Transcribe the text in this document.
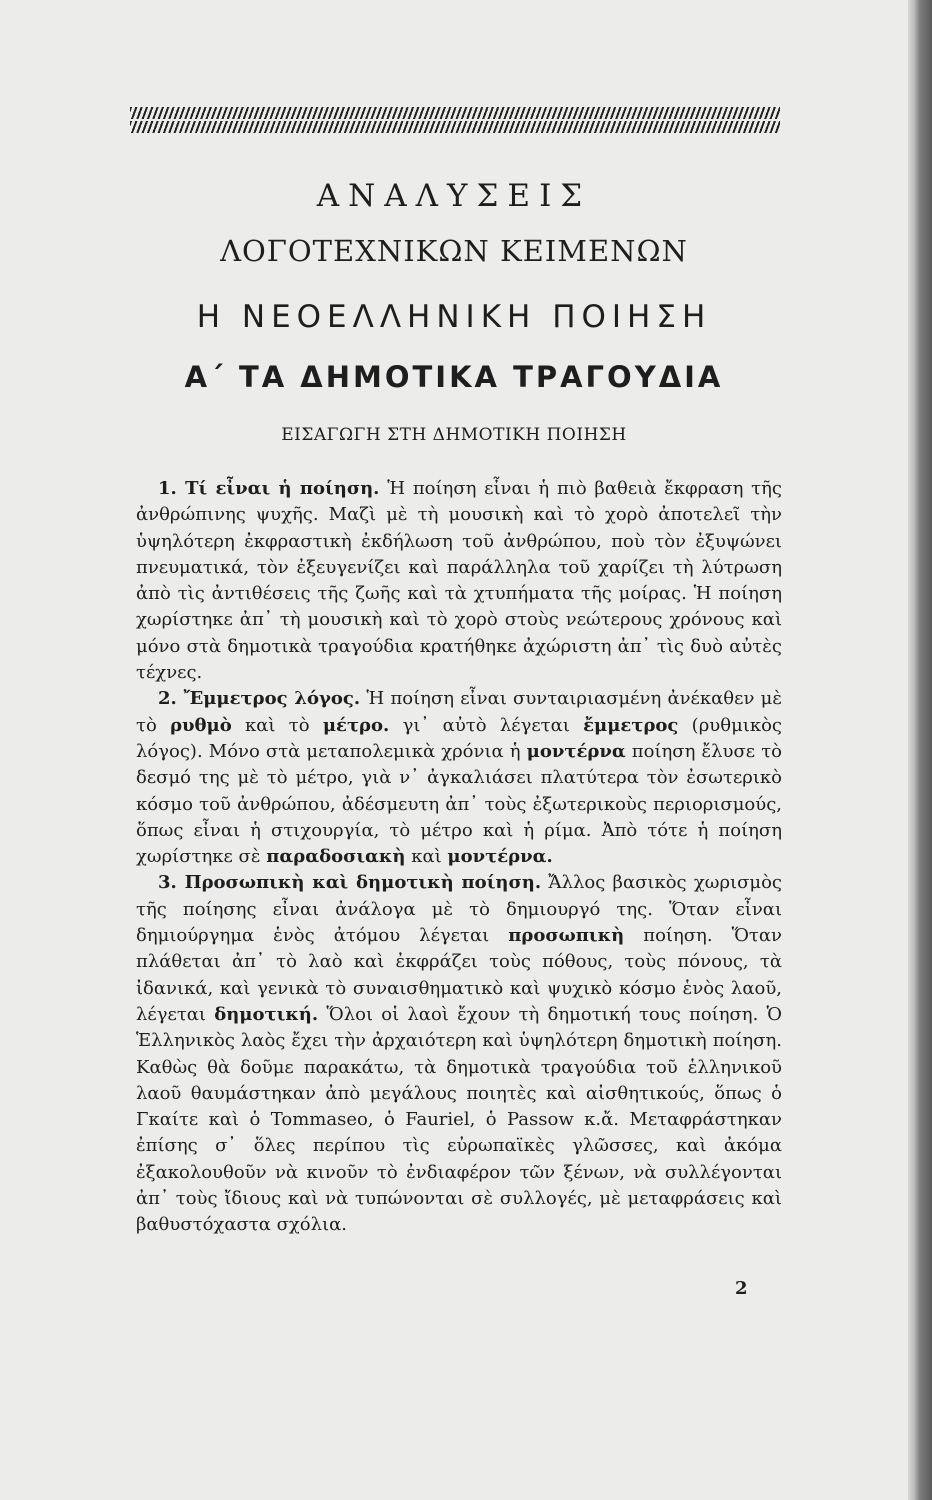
ΑΝΑΛΥΣΕΙΣ
ΛΟΓΟΤΕΧΝΙΚΩΝ ΚΕΙΜΕΝΩΝ
Η ΝΕΟΕΛΛΗΝΙΚΗ ΠΟΙΗΣΗ
Α΄ ΤΑ ΔΗΜΟΤΙΚΑ ΤΡΑΓΟΥΔΙΑ
ΕΙΣΑΓΩΓΗ ΣΤΗ ΔΗΜΟΤΙΚΗ ΠΟΙΗΣΗ

1. Τί εἶναι ἡ ποίηση. Ἡ ποίηση εἶναι ἡ πιὸ βαθειὰ ἔκφραση τῆς ἀνθρώπινης ψυχῆς. Μαζὶ μὲ τὴ μουσικὴ καὶ τὸ χορὸ ἀποτελεῖ τὴν ὑψηλότερη ἐκφραστικὴ ἐκδήλωση τοῦ ἀνθρώπου, ποὺ τὸν ἐξυψώνει πνευματικά, τὸν ἐξευγενίζει καὶ παράλληλα τοῦ χαρίζει τὴ λύτρωση ἀπὸ τὶς ἀντιθέσεις τῆς ζωῆς καὶ τὰ χτυπήματα τῆς μοίρας. Ἡ ποίηση χωρίστηκε ἀπ᾽ τὴ μουσικὴ καὶ τὸ χορὸ στοὺς νεώτερους χρόνους καὶ μόνο στὰ δημοτικὰ τραγούδια κρατήθηκε ἀχώριστη ἀπ᾽ τὶς δυὸ αὐτὲς τέχνες.

2. Ἔμμετρος λόγος. Ἡ ποίηση εἶναι συνταιριασμένη ἀνέκαθεν μὲ τὸ ρυθμὸ καὶ τὸ μέτρο. γι᾽ αὐτὸ λέγεται ἔμμετρος (ρυθμικὸς λόγος). Μόνο στὰ μεταπολεμικὰ χρόνια ἡ μοντέρνα ποίηση ἔλυσε τὸ δεσμό της μὲ τὸ μέτρο, γιὰ ν᾽ ἀγκαλιάσει πλατύτερα τὸν ἐσωτερικὸ κόσμο τοῦ ἀνθρώπου, ἀδέσμευτη ἀπ᾽ τοὺς ἐξωτερικοὺς περιορισμούς, ὅπως εἶναι ἡ στιχουργία, τὸ μέτρο καὶ ἡ ρίμα. Ἀπὸ τότε ἡ ποίηση χωρίστηκε σὲ παραδοσιακὴ καὶ μοντέρνα.

3. Προσωπικὴ καὶ δημοτικὴ ποίηση. Ἄλλος βασικὸς χωρισμὸς τῆς ποίησης εἶναι ἀνάλογα μὲ τὸ δημιουργό της. Ὅταν εἶναι δημιούργημα ἑνὸς ἀτόμου λέγεται προσωπικὴ ποίηση. Ὅταν πλάθεται ἀπ᾽ τὸ λαὸ καὶ ἐκφράζει τοὺς πόθους, τοὺς πόνους, τὰ ἰδανικά, καὶ γενικὰ τὸ συναισθηματικὸ καὶ ψυχικὸ κόσμο ἑνὸς λαοῦ, λέγεται δημοτική. Ὅλοι οἱ λαοὶ ἔχουν τὴ δημοτική τους ποίηση. Ὁ Ἑλληνικὸς λαὸς ἔχει τὴν ἀρχαιότερη καὶ ὑψηλότερη δημοτικὴ ποίηση. Καθὼς θὰ δοῦμε παρακάτω, τὰ δημοτικὰ τραγούδια τοῦ ἑλληνικοῦ λαοῦ θαυμάστηκαν ἀπὸ μεγάλους ποιητὲς καὶ αἰσθητικούς, ὅπως ὁ Γκαίτε καὶ ὁ Tommaseo, ὁ Fauriel, ὁ Passow κ.ἄ. Μεταφράστηκαν ἐπίσης σ᾽ ὅλες περίπου τὶς εὐρωπαϊκὲς γλῶσσες, καὶ ἀκόμα ἐξακολουθοῦν νὰ κινοῦν τὸ ἐνδιαφέρον τῶν ξένων, νὰ συλλέγονται ἀπ᾽ τοὺς ἴδιους καὶ νὰ τυπώνονται σὲ συλλογές, μὲ μεταφράσεις καὶ βαθυστόχαστα σχόλια.

2
